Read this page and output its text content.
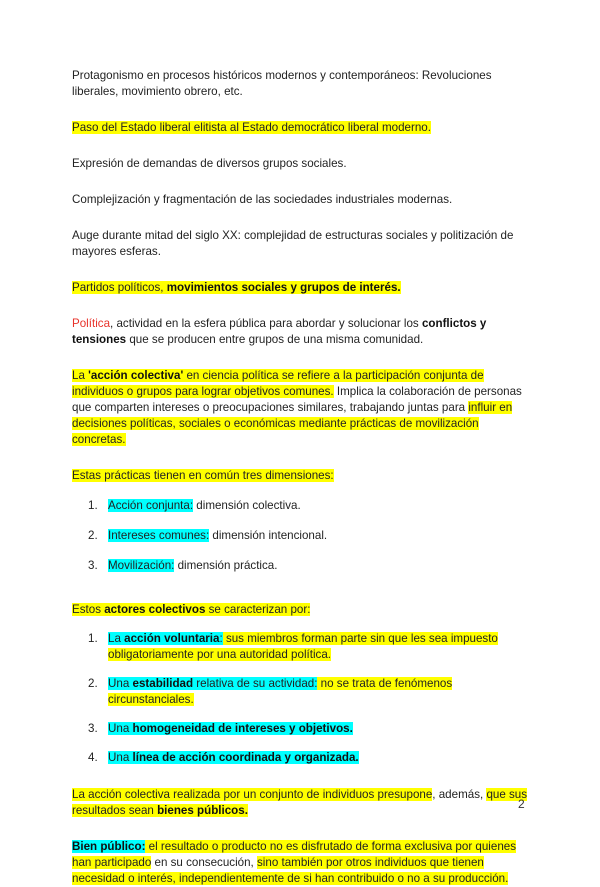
Protagonismo en procesos históricos modernos y contemporáneos: Revoluciones liberales, movimiento obrero, etc.

Paso del Estado liberal elitista al Estado democrático liberal moderno.

Expresión de demandas de diversos grupos sociales.

Complejización y fragmentación de las sociedades industriales modernas.

Auge durante mitad del siglo XX: complejidad de estructuras sociales y politización de mayores esferas.

Partidos políticos, movimientos sociales y grupos de interés.

Política, actividad en la esfera pública para abordar y solucionar los conflictos y tensiones que se producen entre grupos de una misma comunidad.

La 'acción colectiva' en ciencia política se refiere a la participación conjunta de individuos o grupos para lograr objetivos comunes. Implica la colaboración de personas que comparten intereses o preocupaciones similares, trabajando juntas para influir en decisiones políticas, sociales o económicas mediante prácticas de movilización concretas.

Estas prácticas tienen en común tres dimensiones:

1. Acción conjunta: dimensión colectiva.
2. Intereses comunes: dimensión intencional.
3. Movilización: dimensión práctica.

Estos actores colectivos se caracterizan por:

1. La acción voluntaria: sus miembros forman parte sin que les sea impuesto obligatoriamente por una autoridad política.
2. Una estabilidad relativa de su actividad: no se trata de fenómenos circunstanciales.
3. Una homogeneidad de intereses y objetivos.
4. Una línea de acción coordinada y organizada.

La acción colectiva realizada por un conjunto de individuos presupone, además, que sus resultados sean bienes públicos.

Bien público: el resultado o producto no es disfrutado de forma exclusiva por quienes han participado en su consecución, sino también por otros individuos que tienen necesidad o interés, independientemente de si han contribuido o no a su producción.

2
